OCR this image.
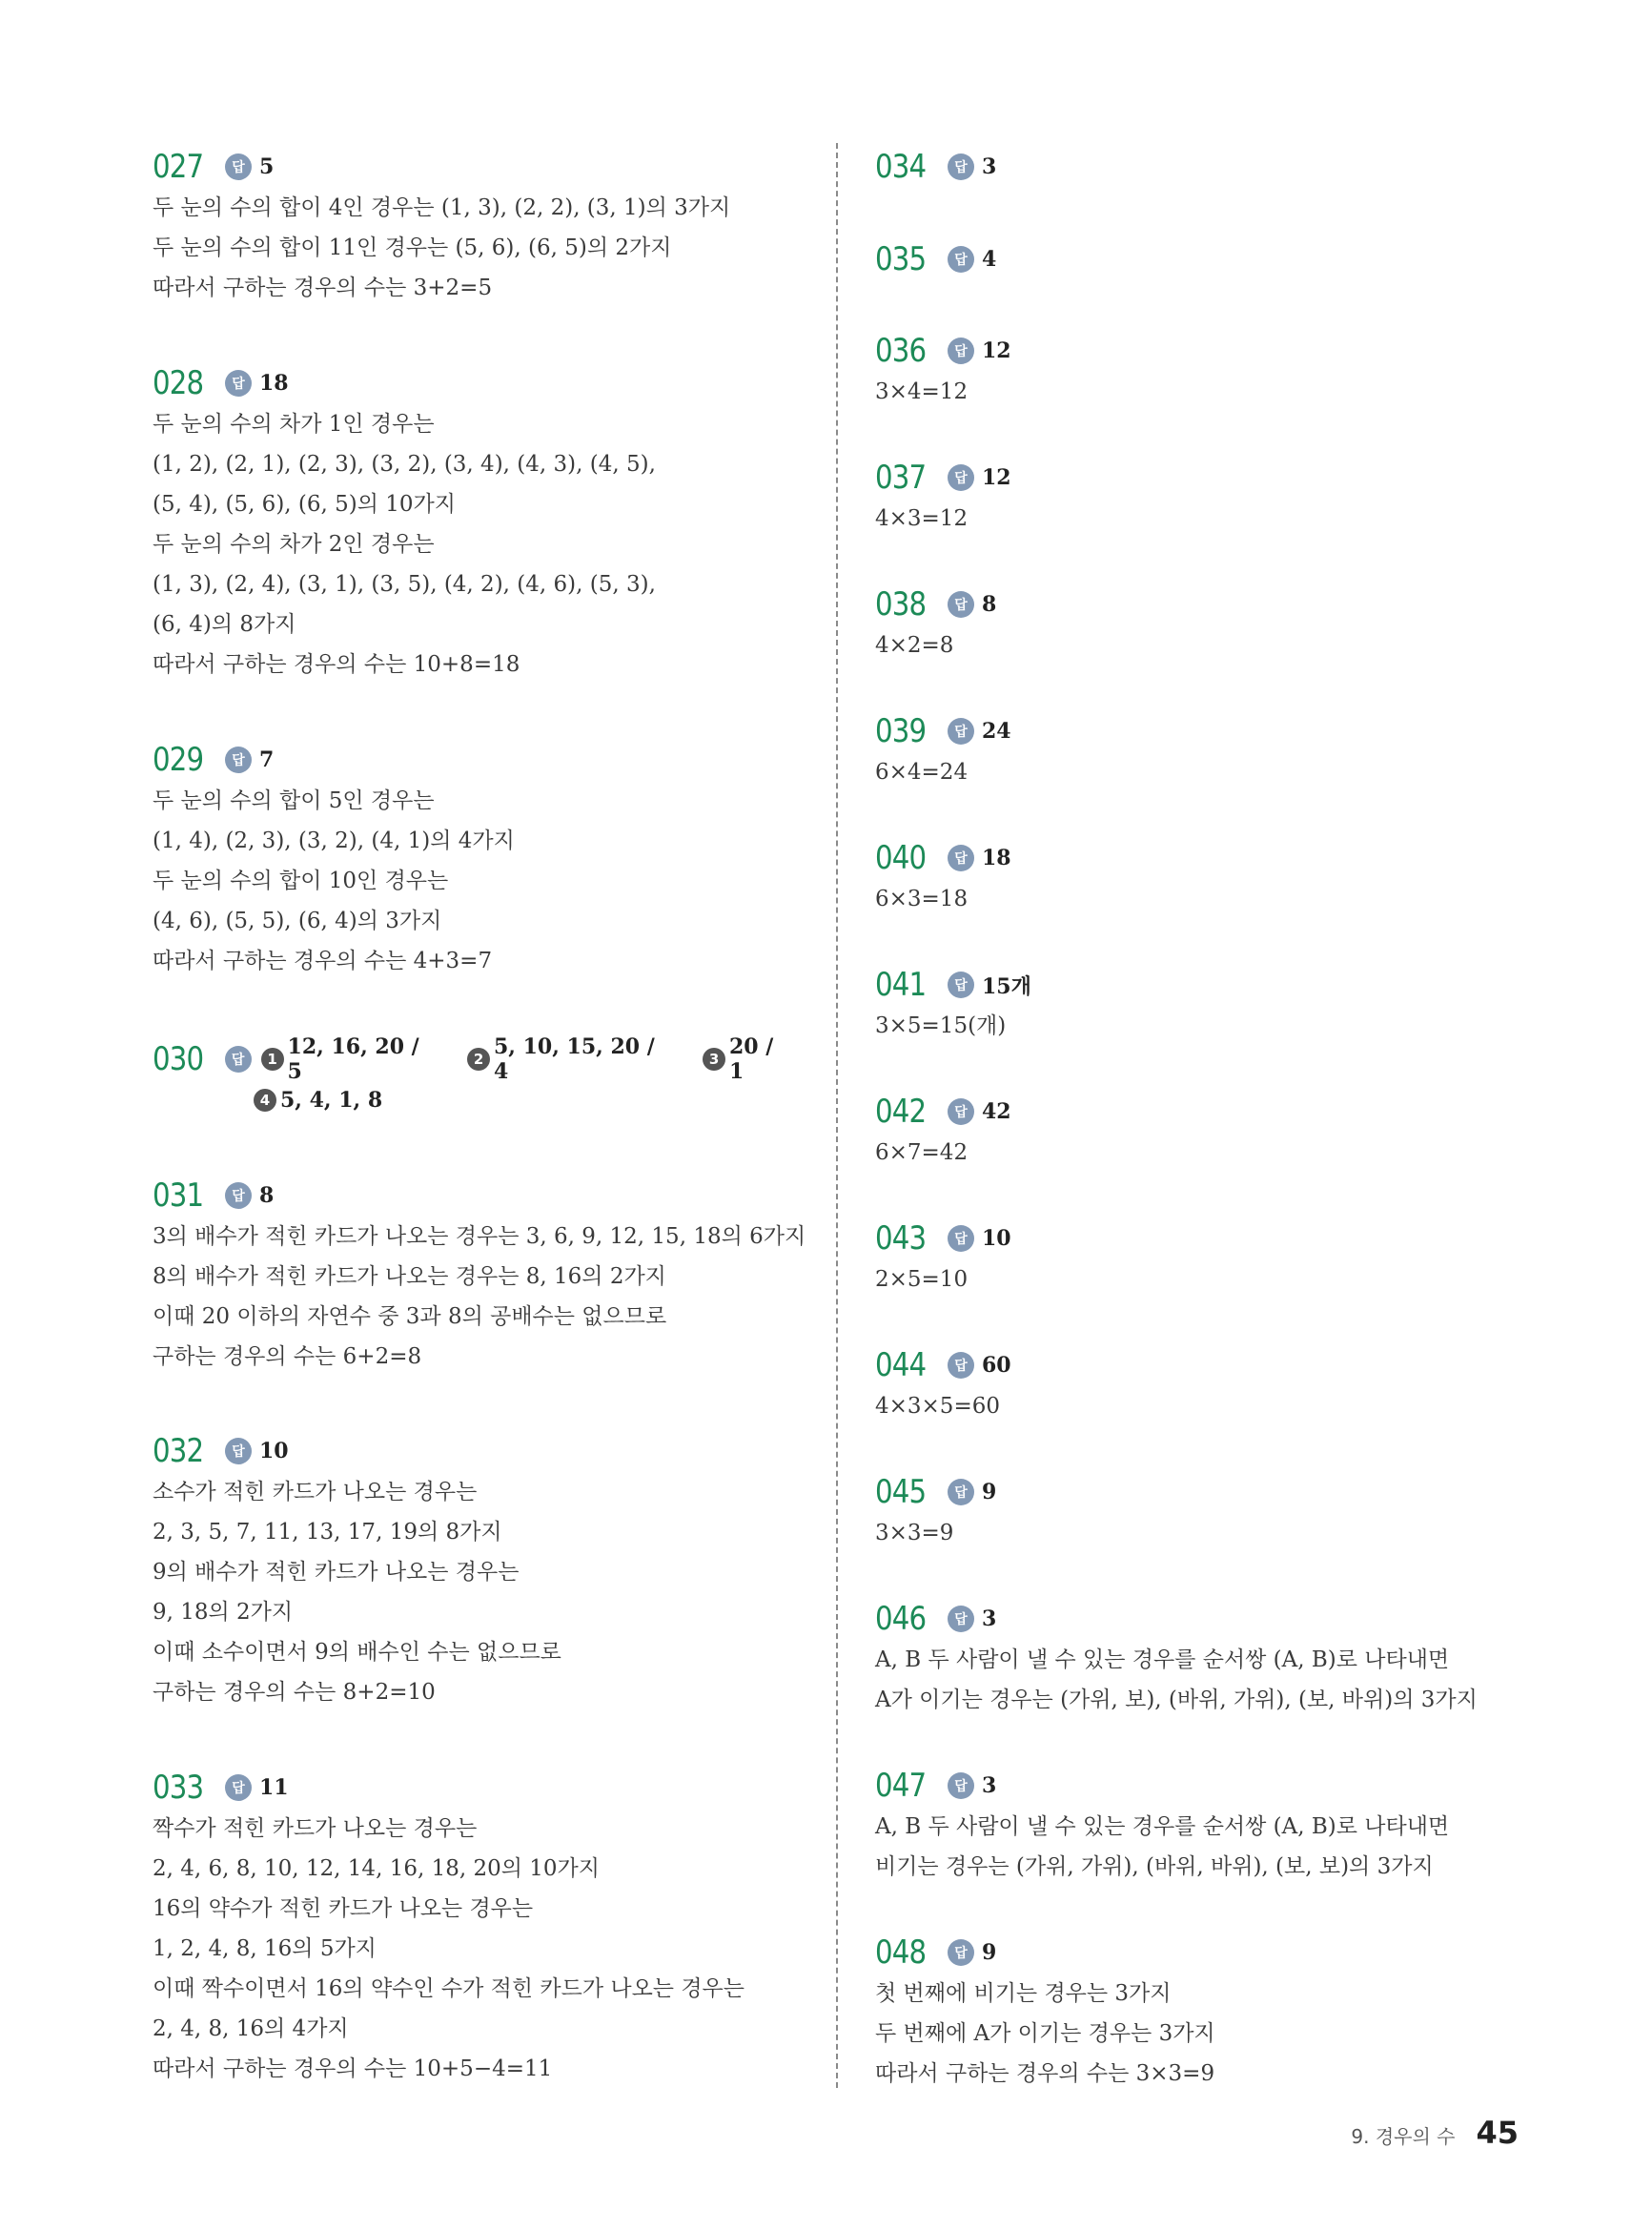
027	답 5
두 눈의 수의 합이 4인 경우는 (1, 3), (2, 2), (3, 1)의 3가지
두 눈의 수의 합이 11인 경우는 (5, 6), (6, 5)의 2가지
따라서 구하는 경우의 수는 3+2=5
028	답 18
두 눈의 수의 차가 1인 경우는
(1, 2), (2, 1), (2, 3), (3, 2), (3, 4), (4, 3), (4, 5),
(5, 4), (5, 6), (6, 5)의 10가지
두 눈의 수의 차가 2인 경우는
(1, 3), (2, 4), (3, 1), (3, 5), (4, 2), (4, 6), (5, 3),
(6, 4)의 8가지
따라서 구하는 경우의 수는 10+8=18
029	답 7
두 눈의 수의 합이 5인 경우는
(1, 4), (2, 3), (3, 2), (4, 1)의 4가지
두 눈의 수의 합이 10인 경우는
(4, 6), (5, 5), (6, 4)의 3가지
따라서 구하는 경우의 수는 4+3=7
030	답	1 12, 16, 20 / 5	2 5, 10, 15, 20 / 4	3 20 / 1
4 5, 4, 1, 8
031	답 8
3의 배수가 적힌 카드가 나오는 경우는 3, 6, 9, 12, 15, 18의 6가지
8의 배수가 적힌 카드가 나오는 경우는 8, 16의 2가지
이때 20 이하의 자연수 중 3과 8의 공배수는 없으므로
구하는 경우의 수는 6+2=8
032	답 10
소수가 적힌 카드가 나오는 경우는
2, 3, 5, 7, 11, 13, 17, 19의 8가지
9의 배수가 적힌 카드가 나오는 경우는
9, 18의 2가지
이때 소수이면서 9의 배수인 수는 없으므로
구하는 경우의 수는 8+2=10
033	답 11
짝수가 적힌 카드가 나오는 경우는
2, 4, 6, 8, 10, 12, 14, 16, 18, 20의 10가지
16의 약수가 적힌 카드가 나오는 경우는
1, 2, 4, 8, 16의 5가지
이때 짝수이면서 16의 약수인 수가 적힌 카드가 나오는 경우는
2, 4, 8, 16의 4가지
따라서 구하는 경우의 수는 10+5−4=11
034	답 3
035	답 4
036	답 12
3×4=12
037	답 12
4×3=12
038	답 8
4×2=8
039	답 24
6×4=24
040	답 18
6×3=18
041	답 15개
3×5=15(개)
042	답 42
6×7=42
043	답 10
2×5=10
044	답 60
4×3×5=60
045	답 9
3×3=9
046	답 3
A, B 두 사람이 낼 수 있는 경우를 순서쌍 (A, B)로 나타내면
A가 이기는 경우는 (가위, 보), (바위, 가위), (보, 바위)의 3가지
047	답 3
A, B 두 사람이 낼 수 있는 경우를 순서쌍 (A, B)로 나타내면
비기는 경우는 (가위, 가위), (바위, 바위), (보, 보)의 3가지
048	답 9
첫 번째에 비기는 경우는 3가지
두 번째에 A가 이기는 경우는 3가지
따라서 구하는 경우의 수는 3×3=9
9. 경우의 수 45
